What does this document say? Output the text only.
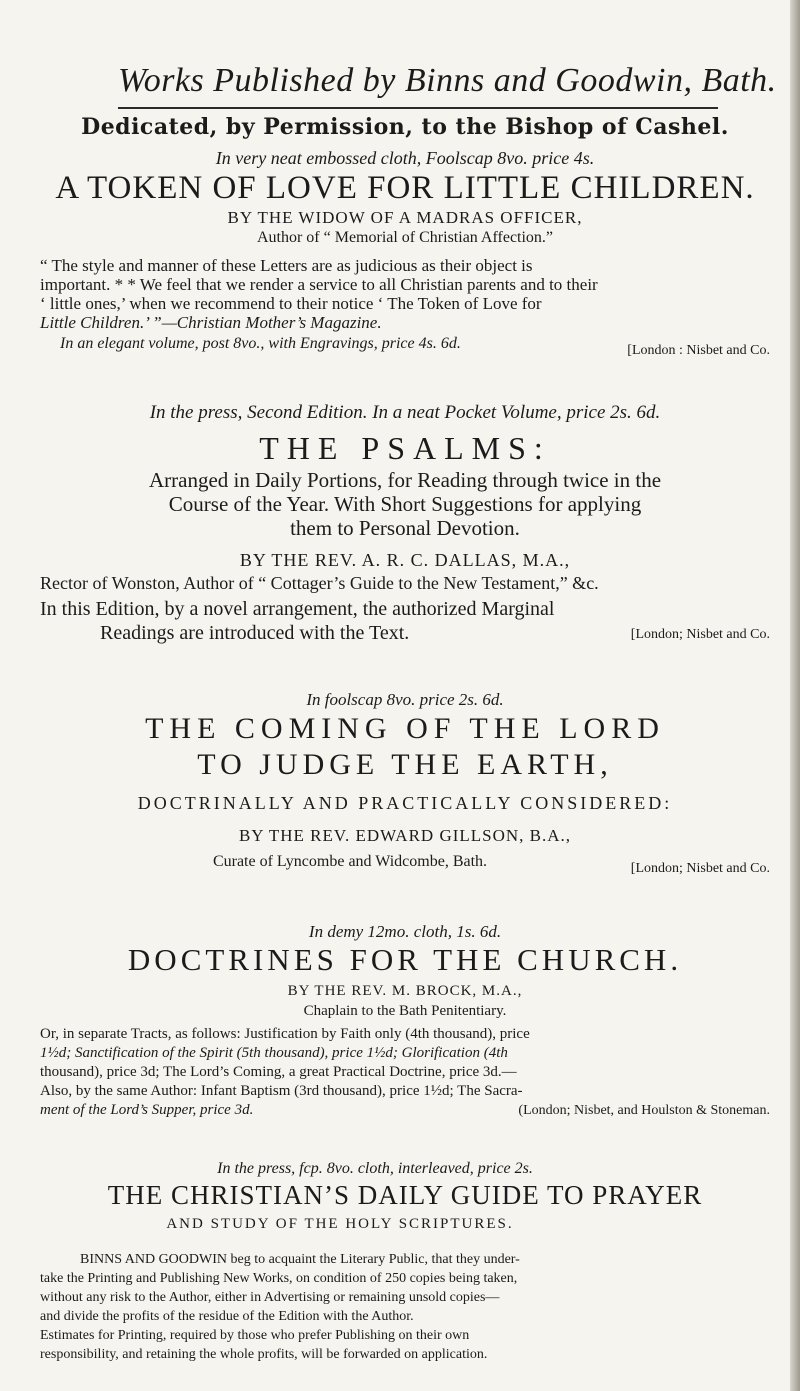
Works Published by Binns and Goodwin, Bath.
Dedicated, by Permission, to the Bishop of Cashel.
In very neat embossed cloth, Foolscap 8vo. price 4s.
A TOKEN OF LOVE FOR LITTLE CHILDREN.
BY THE WIDOW OF A MADRAS OFFICER,
Author of “ Memorial of Christian Affection.”
“ The style and manner of these Letters are as judicious as their object is
important. * * We feel that we render a service to all Christian parents and to their
‘ little ones,’ when we recommend to their notice ‘ The Token of Love for
Little Children.’ ”—Christian Mother’s Magazine.
In an elegant volume, post 8vo., with Engravings, price 4s. 6d.	[London : Nisbet and Co.
In the press, Second Edition. In a neat Pocket Volume, price 2s. 6d.
THE PSALMS:
Arranged in Daily Portions, for Reading through twice in the
Course of the Year. With Short Suggestions for applying
them to Personal Devotion.
BY THE REV. A. R. C. DALLAS, M.A.,
Rector of Wonston, Author of “ Cottager’s Guide to the New Testament,” &c.
In this Edition, by a novel arrangement, the authorized Marginal
Readings are introduced with the Text.	[London; Nisbet and Co.
In foolscap 8vo. price 2s. 6d.
THE COMING OF THE LORD
TO JUDGE THE EARTH,
DOCTRINALLY AND PRACTICALLY CONSIDERED:
BY THE REV. EDWARD GILLSON, B.A.,
Curate of Lyncombe and Widcombe, Bath.	[London; Nisbet and Co.
In demy 12mo. cloth, 1s. 6d.
DOCTRINES FOR THE CHURCH.
BY THE REV. M. BROCK, M.A.,
Chaplain to the Bath Penitentiary.
Or, in separate Tracts, as follows: Justification by Faith only (4th thousand), price
1½d; Sanctification of the Spirit (5th thousand), price 1½d; Glorification (4th
thousand), price 3d; The Lord’s Coming, a great Practical Doctrine, price 3d.—
Also, by the same Author: Infant Baptism (3rd thousand), price 1½d; The Sacra-
ment of the Lord’s Supper, price 3d.	(London; Nisbet, and Houlston & Stoneman.
In the press, fcp. 8vo. cloth, interleaved, price 2s.
THE CHRISTIAN’S DAILY GUIDE TO PRAYER
AND STUDY OF THE HOLY SCRIPTURES.
BINNS AND GOODWIN beg to acquaint the Literary Public, that they under-
take the Printing and Publishing New Works, on condition of 250 copies being taken,
without any risk to the Author, either in Advertising or remaining unsold copies—
and divide the profits of the residue of the Edition with the Author.
Estimates for Printing, required by those who prefer Publishing on their own
responsibility, and retaining the whole profits, will be forwarded on application.
